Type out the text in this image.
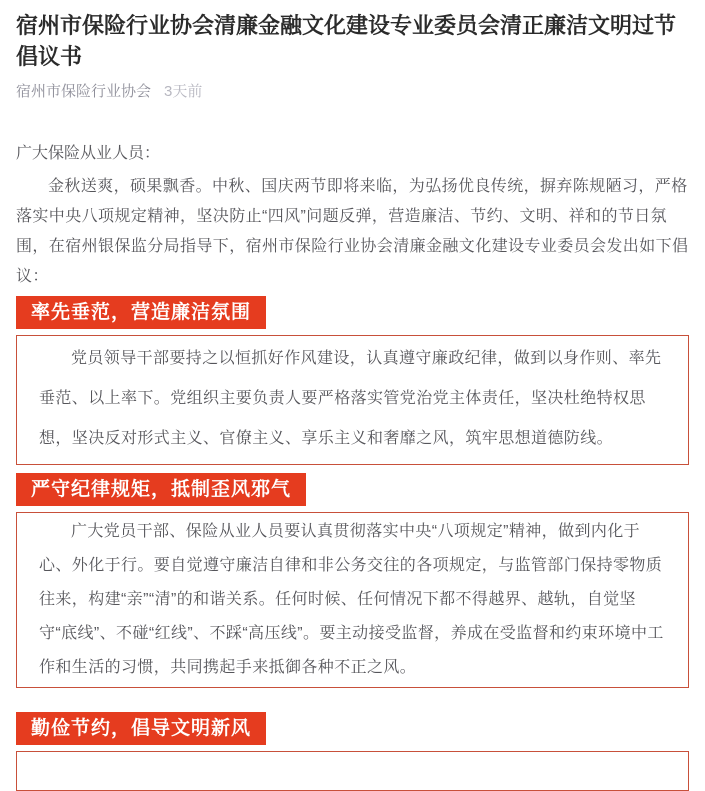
宿州市保险行业协会清廉金融文化建设专业委员会清正廉洁文明过节倡议书
宿州市保险行业协会 3天前

广大保险从业人员：

金秋送爽，硕果飘香。中秋、国庆两节即将来临，为弘扬优良传统，摒弃陈规陋习，严格落实中央八项规定精神，坚决防止“四风”问题反弹，营造廉洁、节约、文明、祥和的节日氛围，在宿州银保监分局指导下，宿州市保险行业协会清廉金融文化建设专业委员会发出如下倡议：

率先垂范，营造廉洁氛围

党员领导干部要持之以恒抓好作风建设，认真遵守廉政纪律，做到以身作则、率先垂范、以上率下。党组织主要负责人要严格落实管党治党主体责任，坚决杜绝特权思想，坚决反对形式主义、官僚主义、享乐主义和奢靡之风，筑牢思想道德防线。

严守纪律规矩，抵制歪风邪气

广大党员干部、保险从业人员要认真贯彻落实中央“八项规定”精神，做到内化于心、外化于行。要自觉遵守廉洁自律和非公务交往的各项规定，与监管部门保持零物质往来，构建“亲”“清”的和谐关系。任何时候、任何情况下都不得越界、越轨，自觉坚守“底线”、不碰“红线”、不踩“高压线”。要主动接受监督，养成在受监督和约束环境中工作和生活的习惯，共同携起手来抵御各种不正之风。

勤俭节约，倡导文明新风
